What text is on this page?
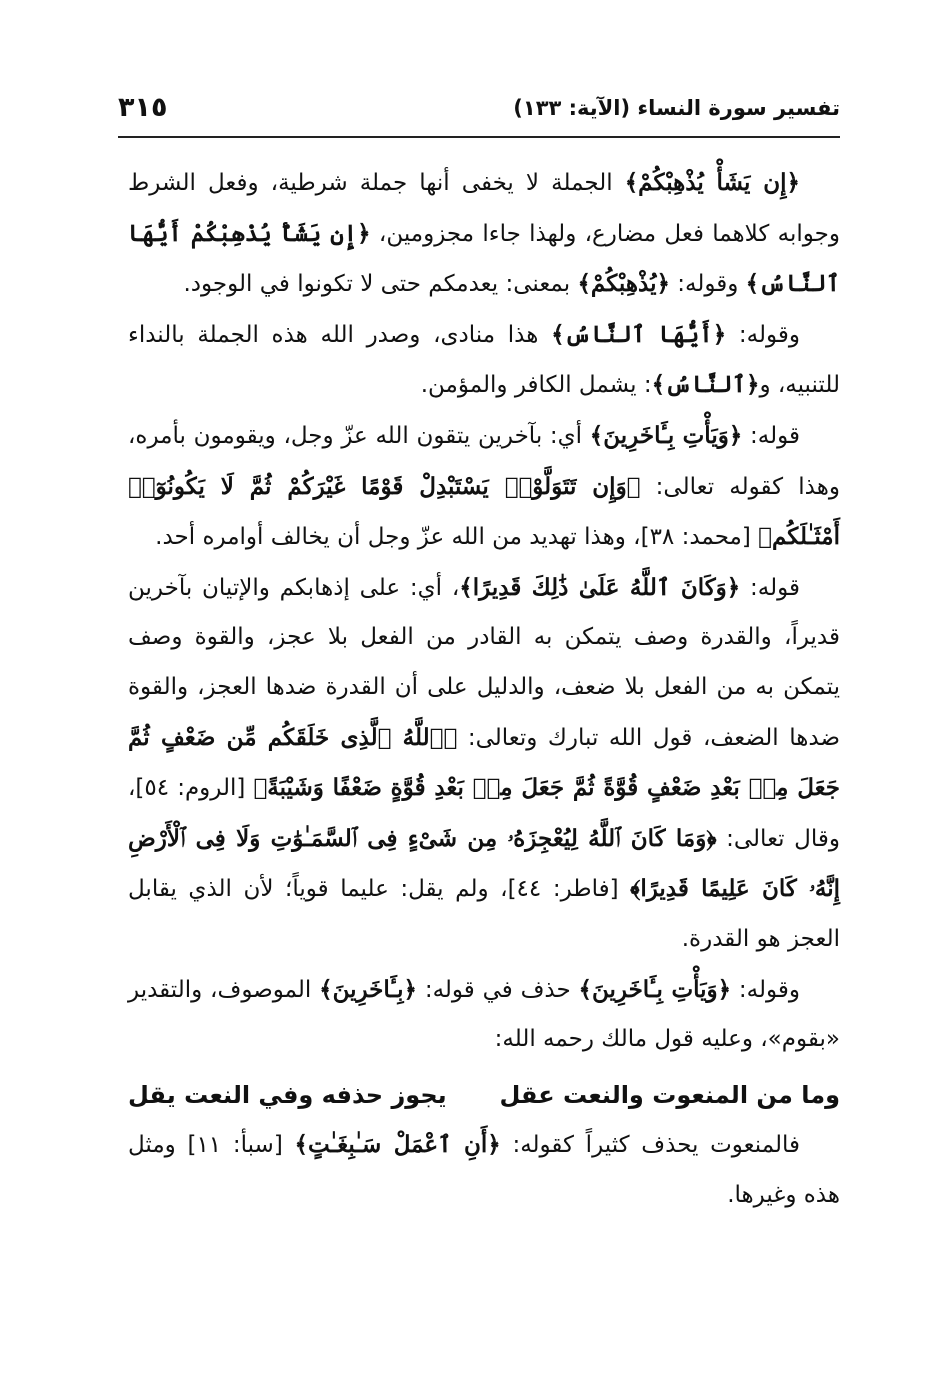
تفسير سورة النساء (الآية: ١٣٣)
٣١٥

﴿إِن يَشَأْ يُذْهِبْكُمْ﴾ الجملة لا يخفى أنها جملة شرطية، وفعل الشرط وجوابه كلاهما فعل مضارع، ولهذا جاءا مجزومين، ﴿إِن يَشَأْ يُذْهِبْكُمْ أَيُّهَا ٱلنَّاسُ﴾ وقوله: ﴿يُذْهِبْكُمْ﴾ بمعنى: يعدمكم حتى لا تكونوا في الوجود.

وقوله: ﴿أَيُّهَا ٱلنَّاسُ﴾ هذا منادى، وصدر الله هذه الجملة بالنداء للتنبيه، و﴿ٱلنَّاسُ﴾: يشمل الكافر والمؤمن.

قوله: ﴿وَيَأْتِ بِـَٔاخَرِينَ﴾ أي: بآخرين يتقون الله عزّ وجل، ويقومون بأمره، وهذا كقوله تعالى: ﴿وَإِن تَتَوَلَّوْا۟ يَسْتَبْدِلْ قَوْمًا غَيْرَكُمْ ثُمَّ لَا يَكُونُوٓا۟ أَمْثَـٰلَكُم﴾ [محمد: ٣٨]، وهذا تهديد من الله عزّ وجل أن يخالف أوامره أحد.

قوله: ﴿وَكَانَ ٱللَّهُ عَلَىٰ ذَٰلِكَ قَدِيرًا﴾، أي: على إذهابكم والإتيان بآخرين قديراً، والقدرة وصف يتمكن به القادر من الفعل بلا عجز، والقوة وصف يتمكن به من الفعل بلا ضعف، والدليل على أن القدرة ضدها العجز، والقوة ضدها الضعف، قول الله تبارك وتعالى: ﴿ٱللَّهُ ٱلَّذِى خَلَقَكُم مِّن ضَعْفٍ ثُمَّ جَعَلَ مِنۢ بَعْدِ ضَعْفٍ قُوَّةً ثُمَّ جَعَلَ مِنۢ بَعْدِ قُوَّةٍ ضَعْفًا وَشَيْبَةً﴾ [الروم: ٥٤]، وقال تعالى: ﴿وَمَا كَانَ ٱللَّهُ لِيُعْجِزَهُۥ مِن شَىْءٍ فِى ٱلسَّمَـٰوَٰتِ وَلَا فِى ٱلْأَرْضِ إِنَّهُۥ كَانَ عَلِيمًا قَدِيرًا﴾ [فاطر: ٤٤]، ولم يقل: عليما قوياً؛ لأن الذي يقابل العجز هو القدرة.

وقوله: ﴿وَيَأْتِ بِـَٔاخَرِينَ﴾ حذف في قوله: ﴿بِـَٔاخَرِينَ﴾ الموصوف، والتقدير «بقوم»، وعليه قول مالك رحمه الله:

وما من المنعوت والنعت عقل
يجوز حذفه وفي النعت يقل

فالمنعوت يحذف كثيراً كقوله: ﴿أَنِ ٱعْمَلْ سَـٰبِغَـٰتٍ﴾ [سبأ: ١١] ومثل هذه وغيرها.
